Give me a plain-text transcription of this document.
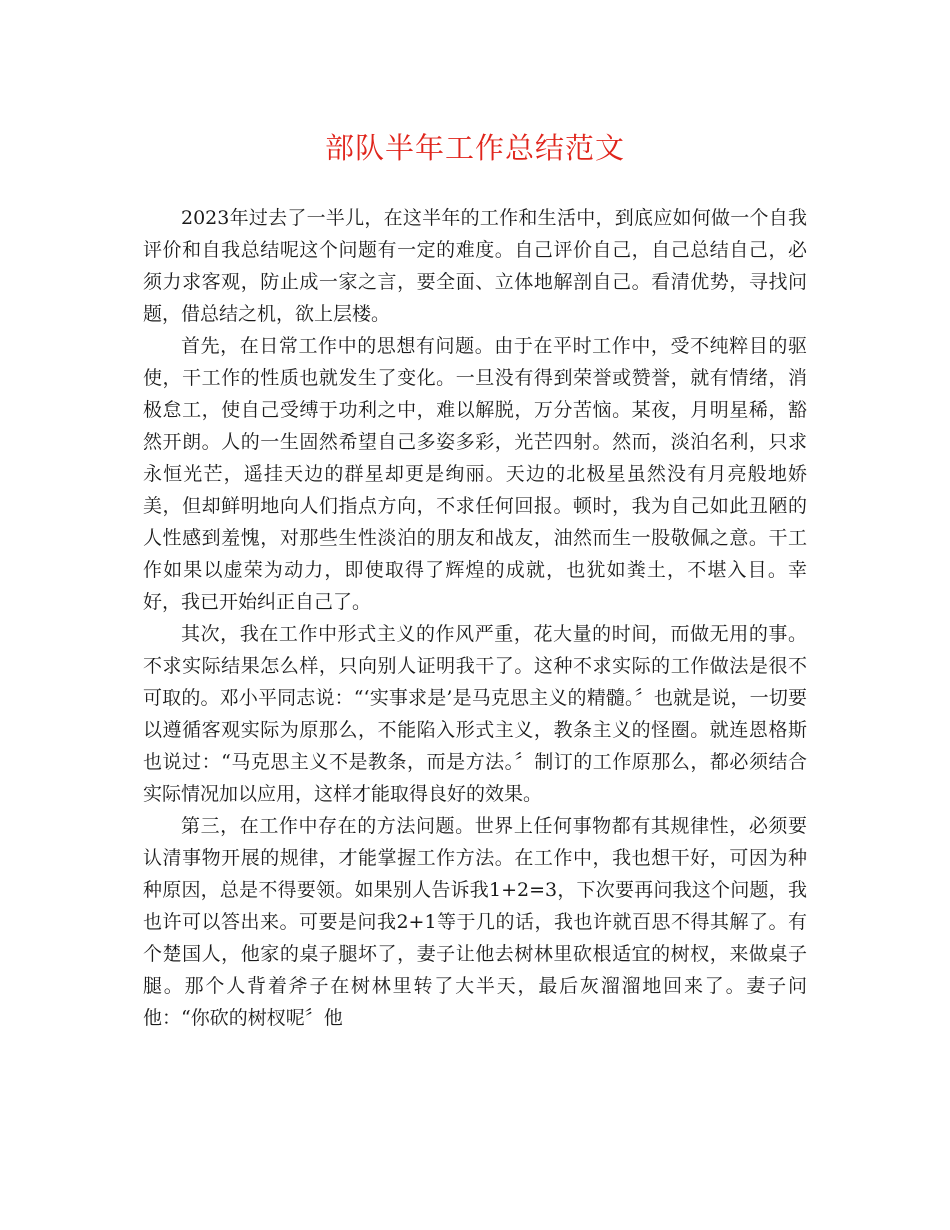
部队半年工作总结范文

2023年过去了一半儿，在这半年的工作和生活中，到底应如何做一个自我评价和自我总结呢这个问题有一定的难度。自己评价自己，自己总结自己，必须力求客观，防止成一家之言，要全面、立体地解剖自己。看清优势，寻找问题，借总结之机，欲上层楼。

首先，在日常工作中的思想有问题。由于在平时工作中，受不纯粹目的驱使，干工作的性质也就发生了变化。一旦没有得到荣誉或赞誉，就有情绪，消极怠工，使自己受缚于功利之中，难以解脱，万分苦恼。某夜，月明星稀，豁然开朗。人的一生固然希望自己多姿多彩，光芒四射。然而，淡泊名利，只求永恒光芒，遥挂天边的群星却更是绚丽。天边的北极星虽然没有月亮般地娇美，但却鲜明地向人们指点方向，不求任何回报。顿时，我为自己如此丑陋的人性感到羞愧，对那些生性淡泊的朋友和战友，油然而生一股敬佩之意。干工作如果以虚荣为动力，即使取得了辉煌的成就，也犹如粪土，不堪入目。幸好，我已开始纠正自己了。

其次，我在工作中形式主义的作风严重，花大量的时间，而做无用的事。不求实际结果怎么样，只向别人证明我干了。这种不求实际的工作做法是很不可取的。邓小平同志说：“‘实事求是’是马克思主义的精髓。〞也就是说，一切要以遵循客观实际为原那么，不能陷入形式主义，教条主义的怪圈。就连恩格斯也说过：“马克思主义不是教条，而是方法。〞制订的工作原那么，都必须结合实际情况加以应用，这样才能取得良好的效果。

第三，在工作中存在的方法问题。世界上任何事物都有其规律性，必须要认清事物开展的规律，才能掌握工作方法。在工作中，我也想干好，可因为种种原因，总是不得要领。如果别人告诉我1+2=3，下次要再问我这个问题，我也许可以答出来。可要是问我2+1等于几的话，我也许就百思不得其解了。有个楚国人，他家的桌子腿坏了，妻子让他去树林里砍根适宜的树杈，来做桌子腿。那个人背着斧子在树林里转了大半天，最后灰溜溜地回来了。妻子问他：“你砍的树杈呢〞他
